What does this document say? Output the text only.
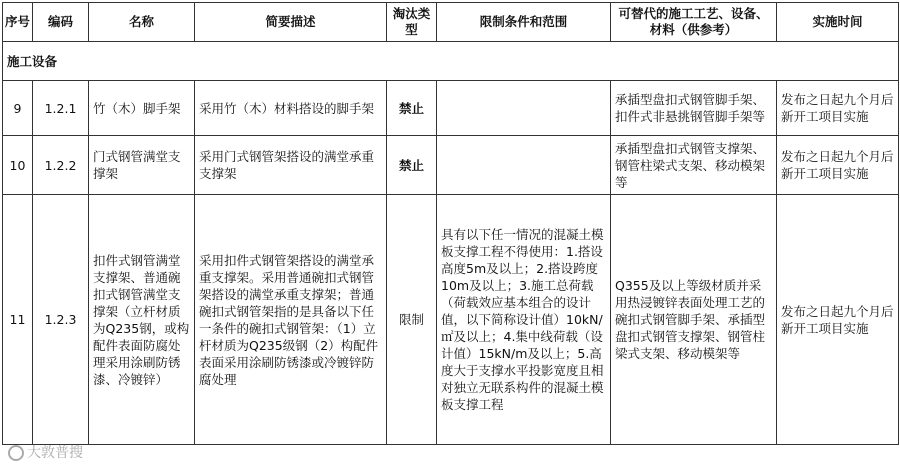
序号	编码	名称	简要描述	淘汰类型	限制条件和范围	可替代的施工工艺、设备、材料（供参考）	实施时间
施工设备							
9	1.2.1	竹（木）脚手架	采用竹（木）材料搭设的脚手架	禁止		承插型盘扣式钢管脚手架、扣件式非悬挑钢管脚手架等	发布之日起九个月后新开工项目实施
10	1.2.2	门式钢管满堂支撑架	采用门式钢管架搭设的满堂承重支撑架	禁止		承插型盘扣式钢管支撑架、钢管柱梁式支架、移动模架等	发布之日起九个月后新开工项目实施
11	1.2.3	扣件式钢管满堂支撑架、普通碗扣式钢管满堂支撑架（立杆材质为Q235钢，或构配件表面防腐处理采用涂刷防锈漆、冷镀锌）	采用扣件式钢管架搭设的满堂承重支撑架。采用普通碗扣式钢管架搭设的满堂承重支撑架；普通碗扣式钢管架指的是具备以下任一条件的碗扣式钢管架：（1）立杆材质为Q235级钢（2）构配件表面采用涂刷防锈漆或冷镀锌防腐处理	限制	具有以下任一情况的混凝土模板支撑工程不得使用：1.搭设高度5m及以上；2.搭设跨度10m及以上；3.施工总荷载（荷载效应基本组合的设计值，以下简称设计值）10kN/㎡及以上；4.集中线荷载（设计值）15kN/m及以上；5.高度大于支撑水平投影宽度且相对独立无联系构件的混凝土模板支撑工程	Q355及以上等级材质并采用热浸镀锌表面处理工艺的碗扣式钢管脚手架、承插型盘扣式钢管支撑架、钢管柱梁式支架、移动模架等	发布之日起九个月后新开工项目实施
大敦普搜
